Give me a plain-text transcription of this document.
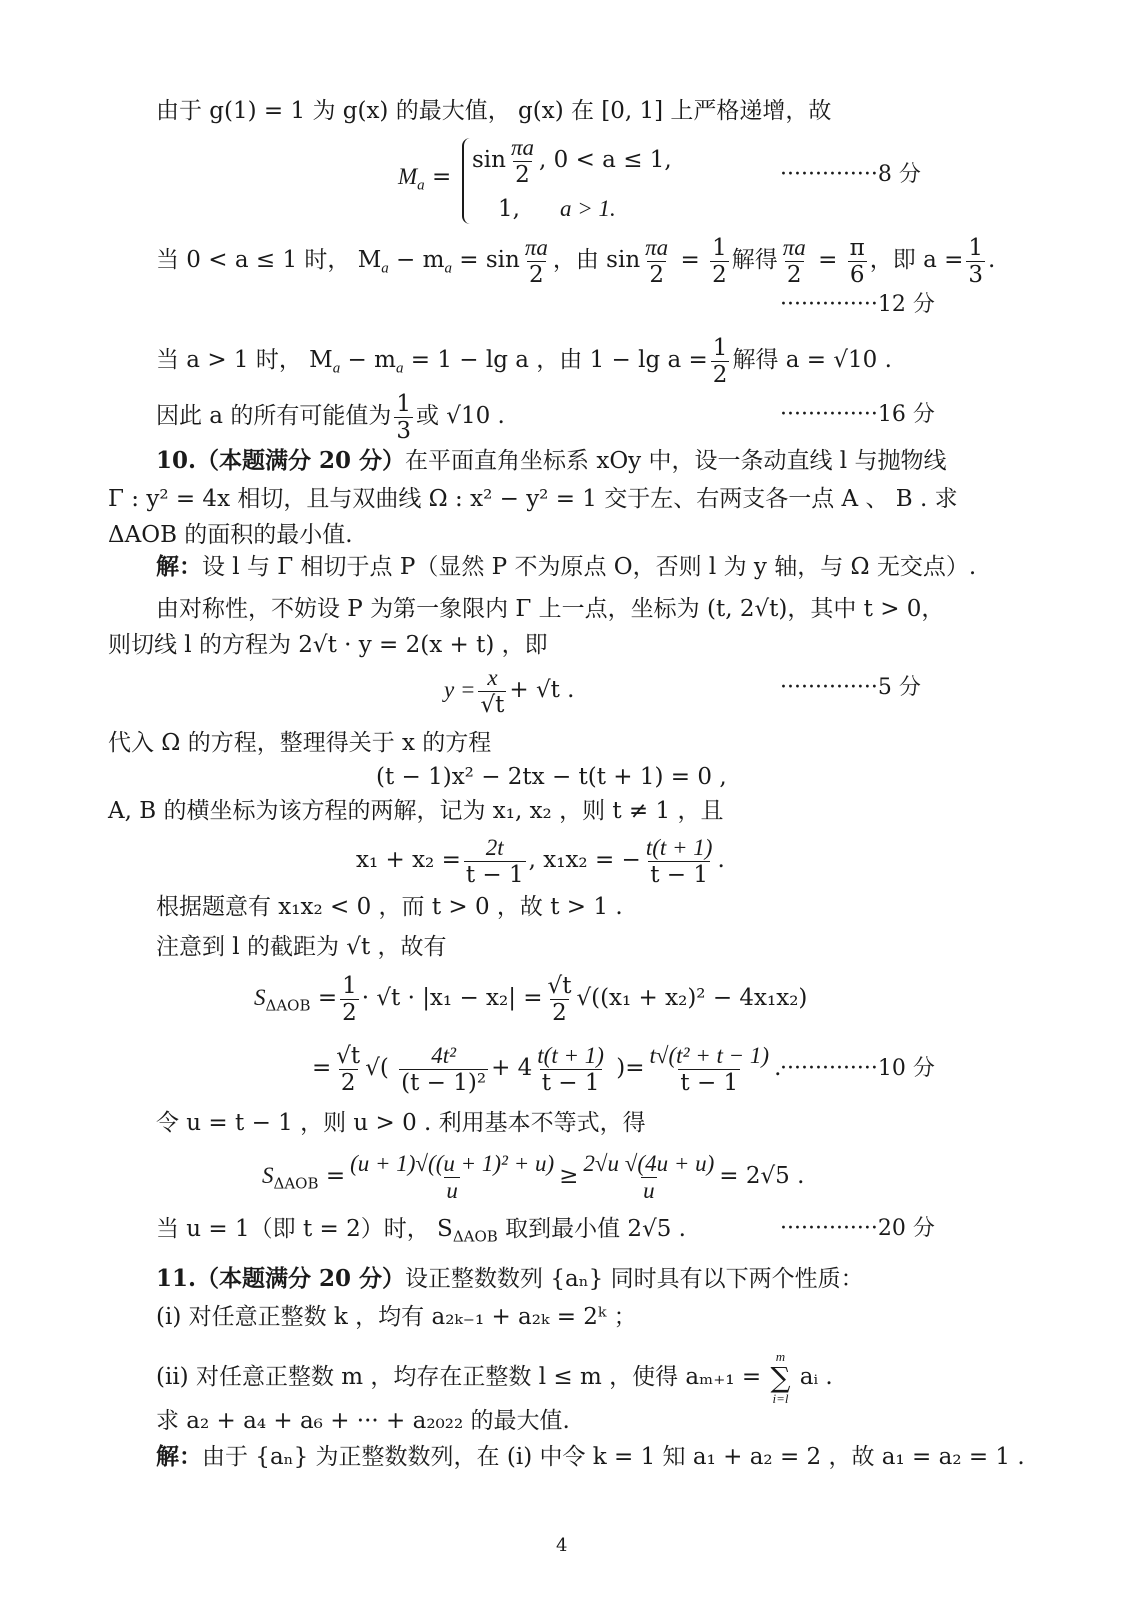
由于 g(1) = 1 为 g(x) 的最大值， g(x) 在 [0, 1] 上严格递增，故
$M_a$ =
$\sin \frac{\pi a}{2}$ , 0 < a ≤ 1,
1, a > 1.
··············8 分
当 0 < a ≤ 1 时， $M_a - m_a = \sin \frac{\pi a}{2}$ ，由 $\sin \frac{\pi a}{2} = \frac{1}{2}$ 解得 $\frac{\pi a}{2} = \frac{\pi}{6}$ ，即 $a = \frac{1}{3}$ .
··············12 分
当 a > 1 时， $M_a - m_a = 1 - \lg a$ ，由 $1 - \lg a = \frac{1}{2}$ 解得 a = √10 .
因此 a 的所有可能值为 $\frac{1}{3}$ 或 √10 .	··············16 分
10.（本题满分 20 分）在平面直角坐标系 xOy 中，设一条动直线 l 与抛物线
Γ : y² = 4x 相切，且与双曲线 Ω : x² − y² = 1 交于左、右两支各一点 A 、 B . 求
ΔAOB 的面积的最小值.
解：设 l 与 Γ 相切于点 P（显然 P 不为原点 O，否则 l 为 y 轴，与 Ω 无交点）.
由对称性，不妨设 P 为第一象限内 Γ 上一点，坐标为 (t, 2√t)，其中 t > 0，
则切线 l 的方程为 2√t · y = 2(x + t) ，即
$y = \frac{x}{√t} + √t$ .	··············5 分
代入 Ω 的方程，整理得关于 x 的方程
(t − 1)x² − 2tx − t(t + 1) = 0 ,
A, B 的横坐标为该方程的两解，记为 x₁, x₂ ，则 t ≠ 1 ，且
$x_1 + x_2 = \frac{2t}{t - 1}$ , x₁x₂ = − $\frac{t(t + 1)}{t - 1}$ .
根据题意有 x₁x₂ < 0 ，而 t > 0 ，故 t > 1 .
注意到 l 的截距为 √t ，故有
$S_{\Delta AOB} = \frac{1}{2} \cdot √t \cdot |x_1 - x_2| = \frac{√t}{2} √((x_1 + x_2)^2 - 4x_1x_2)$
= $\frac{√t}{2}$ √( $\frac{\text{4t²}}{\text{(t − 1)²}} + 4 \frac{t(t + 1)}{t - 1}$ )= $\frac{\text{t√(t² + t − 1)}}{t - 1}$ .
··············10 分
令 u = t − 1 ，则 u > 0 . 利用基本不等式，得
$S_{\Delta AOB} = \frac{\text{(u + 1)√((u + 1)² + u)}}{u} \ge \frac{2√u √(4u + u)}{u} = 2√5$ .
当 u = 1（即 t = 2）时， $S_{\Delta AOB}$ 取到最小值 2√5 .	··············20 分
11.（本题满分 20 分）设正整数数列 {aₙ} 同时具有以下两个性质：
(i) 对任意正整数 k ，均有 a₂ₖ₋₁ + a₂ₖ = 2ᵏ ；
(ii) 对任意正整数 m ，均存在正整数 l ≤ m ，使得 aₘ₊₁ =
m
∑
i=l
aᵢ .
求 a₂ + a₄ + a₆ + ··· + a₂₀₂₂ 的最大值.
解：由于 {aₙ} 为正整数数列，在 (i) 中令 k = 1 知 a₁ + a₂ = 2 ，故 a₁ = a₂ = 1 .
4
